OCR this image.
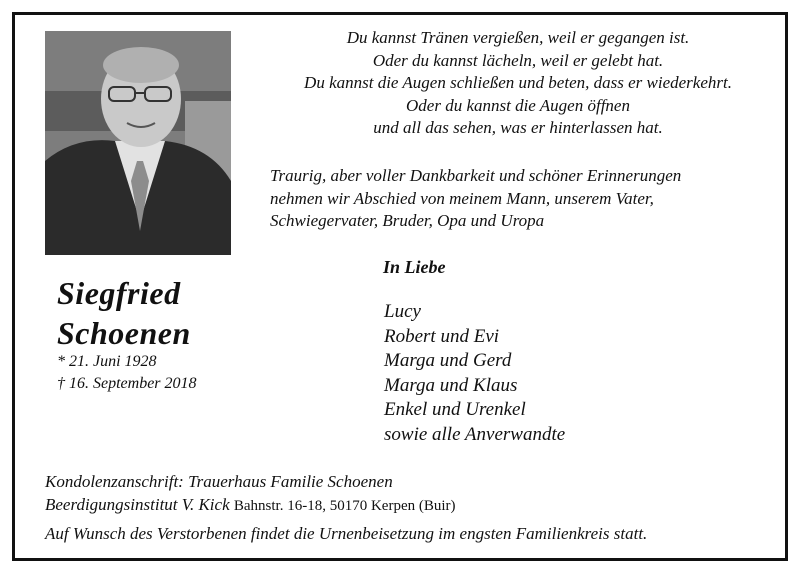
Du kannst Tränen vergießen, weil er gegangen ist.
Oder du kannst lächeln, weil er gelebt hat.
Du kannst die Augen schließen und beten, dass er wiederkehrt.
Oder du kannst die Augen öffnen
und all das sehen, was er hinterlassen hat.
Traurig, aber voller Dankbarkeit und schöner Erinnerungen
nehmen wir Abschied von meinem Mann, unserem Vater,
Schwiegervater, Bruder, Opa und Uropa
Siegfried
Schoenen
* 21. Juni 1928
† 16. September 2018
In Liebe
Lucy
Robert und Evi
Marga und Gerd
Marga und Klaus
Enkel und Urenkel
sowie alle Anverwandte
Kondolenzanschrift: Trauerhaus Familie Schoenen
Beerdigungsinstitut V. Kick Bahnstr. 16-18, 50170 Kerpen (Buir)
Auf Wunsch des Verstorbenen findet die Urnenbeisetzung im engsten Familienkreis statt.
